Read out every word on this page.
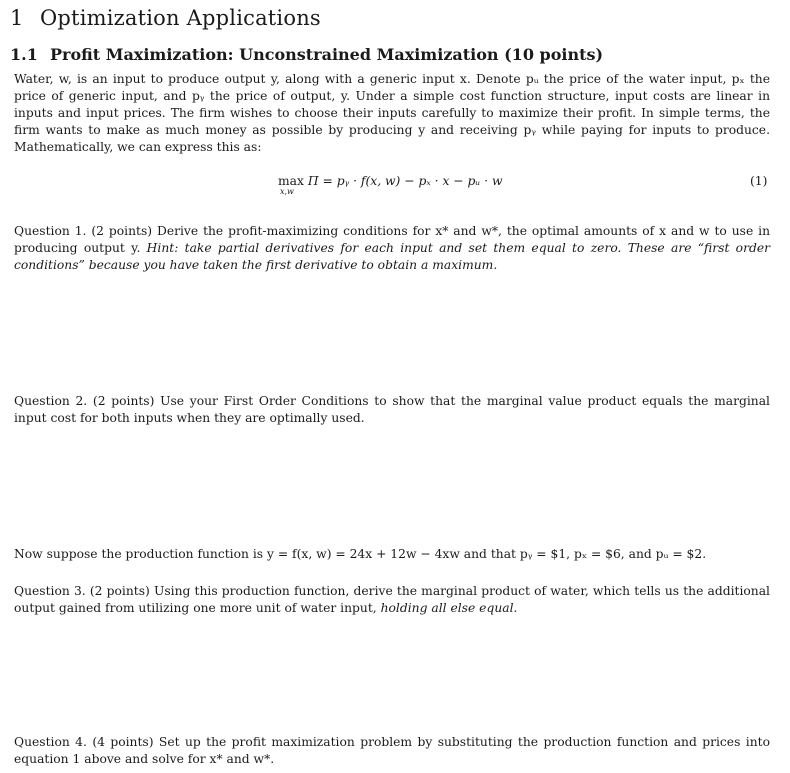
1 Optimization Applications
1.1 Profit Maximization: Unconstrained Maximization (10 points)
Water, w, is an input to produce output y, along with a generic input x. Denote pᵤ the price of the water input, pₓ the price of generic input, and pᵧ the price of output, y. Under a simple cost function structure, input costs are linear in inputs and input prices. The firm wishes to choose their inputs carefully to maximize their profit. In simple terms, the firm wants to make as much money as possible by producing y and receiving pᵧ while paying for inputs to produce. Mathematically, we can express this as:
max
x,w
Π = pᵧ · f(x, w) − pₓ · x − pᵤ · w	(1)
Question 1. (2 points) Derive the profit-maximizing conditions for x* and w*, the optimal amounts of x and w to use in producing output y. Hint: take partial derivatives for each input and set them equal to zero. These are “first order conditions” because you have taken the first derivative to obtain a maximum.
Question 2. (2 points) Use your First Order Conditions to show that the marginal value product equals the marginal input cost for both inputs when they are optimally used.
Now suppose the production function is y = f(x, w) = 24x + 12w − 4xw and that pᵧ = $1, pₓ = $6, and pᵤ = $2.
Question 3. (2 points) Using this production function, derive the marginal product of water, which tells us the additional output gained from utilizing one more unit of water input, holding all else equal.
Question 4. (4 points) Set up the profit maximization problem by substituting the production function and prices into equation 1 above and solve for x* and w*.
